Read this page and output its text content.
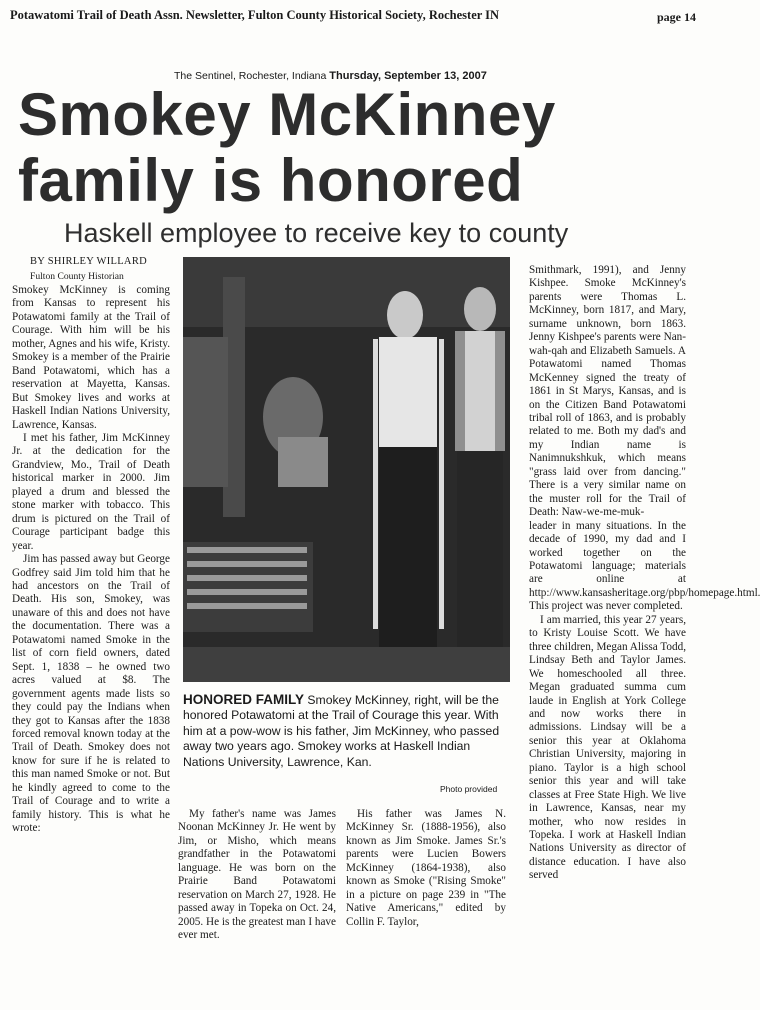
Potawatomi Trail of Death Assn. Newsletter, Fulton County Historical Society, Rochester IN	page 14
The Sentinel, Rochester, Indiana Thursday, September 13, 2007
Smokey McKinney
family is honored
Haskell employee to receive key to county
BY SHIRLEY WILLARD
Fulton County Historian

Smokey McKinney is coming from Kansas to represent his Potawatomi family at the Trail of Courage. With him will be his mother, Agnes and his wife, Kristy. Smokey is a member of the Prairie Band Potawatomi, which has a reservation at Mayetta, Kansas. But Smokey lives and works at Haskell Indian Nations University, Lawrence, Kansas.

I met his father, Jim McKinney Jr. at the dedication for the Grandview, Mo., Trail of Death historical marker in 2000. Jim played a drum and blessed the stone marker with tobacco. This drum is pictured on the Trail of Courage participant badge this year.

Jim has passed away but George Godfrey said Jim told him that he had ancestors on the Trail of Death. His son, Smokey, was unaware of this and does not have the documentation. There was a Potawatomi named Smoke in the list of corn field owners, dated Sept. 1, 1838 – he owned two acres valued at $8. The government agents made lists so they could pay the Indians when they got to Kansas after the 1838 forced removal known today at the Trail of Death. Smokey does not know for sure if he is related to this man named Smoke or not. But he kindly agreed to come to the Trail of Courage and to write a family history. This is what he wrote:

HONORED FAMILY Smokey McKinney, right, will be the honored Potawatomi at the Trail of Courage this year. With him at a pow-wow is his father, Jim McKinney, who passed away two years ago. Smokey works at Haskell Indian Nations University, Lawrence, Kan.
Photo provided

My father's name was James Noonan McKinney Jr. He went by Jim, or Misho, which means grandfather in the Potawatomi language. He was born on the Prairie Band Potawatomi reservation on March 27, 1928. He passed away in Topeka on Oct. 24, 2005. He is the greatest man I have ever met.

His father was James N. McKinney Sr. (1888-1956), also known as Jim Smoke. James Sr.'s parents were Lucien Bowers McKinney (1864-1938), also known as Smoke ("Rising Smoke" in a picture on page 239 in "The Native Americans," edited by Collin F. Taylor,

Smithmark, 1991), and Jenny Kishpee. Smoke McKinney's parents were Thomas L. McKinney, born 1817, and Mary, surname unknown, born 1863. Jenny Kishpee's parents were Nan-wah-qah and Elizabeth Samuels. A Potawatomi named Thomas McKenney signed the treaty of 1861 in St Marys, Kansas, and is on the Citizen Band Potawatomi tribal roll of 1863, and is probably related to me. Both my dad's and my Indian name is Nanimnukshkuk, which means "grass laid over from dancing." There is a very similar name on the muster roll for the Trail of Death: Naw-we-me-muk-

leader in many situations. In the decade of 1990, my dad and I worked together on the Potawatomi language; materials are online at http://www.kansasheritage.org/pbp/homepage.html. This project was never completed.

I am married, this year 27 years, to Kristy Louise Scott. We have three children, Megan Alissa Todd, Lindsay Beth and Taylor James. We homeschooled all three. Megan graduated summa cum laude in English at York College and now works there in admissions. Lindsay will be a senior this year at Oklahoma Christian University, majoring in piano. Taylor is a high school senior this year and will take classes at Free State High. We live in Lawrence, Kansas, near my mother, who now resides in Topeka. I work at Haskell Indian Nations University as director of distance education. I have also served
